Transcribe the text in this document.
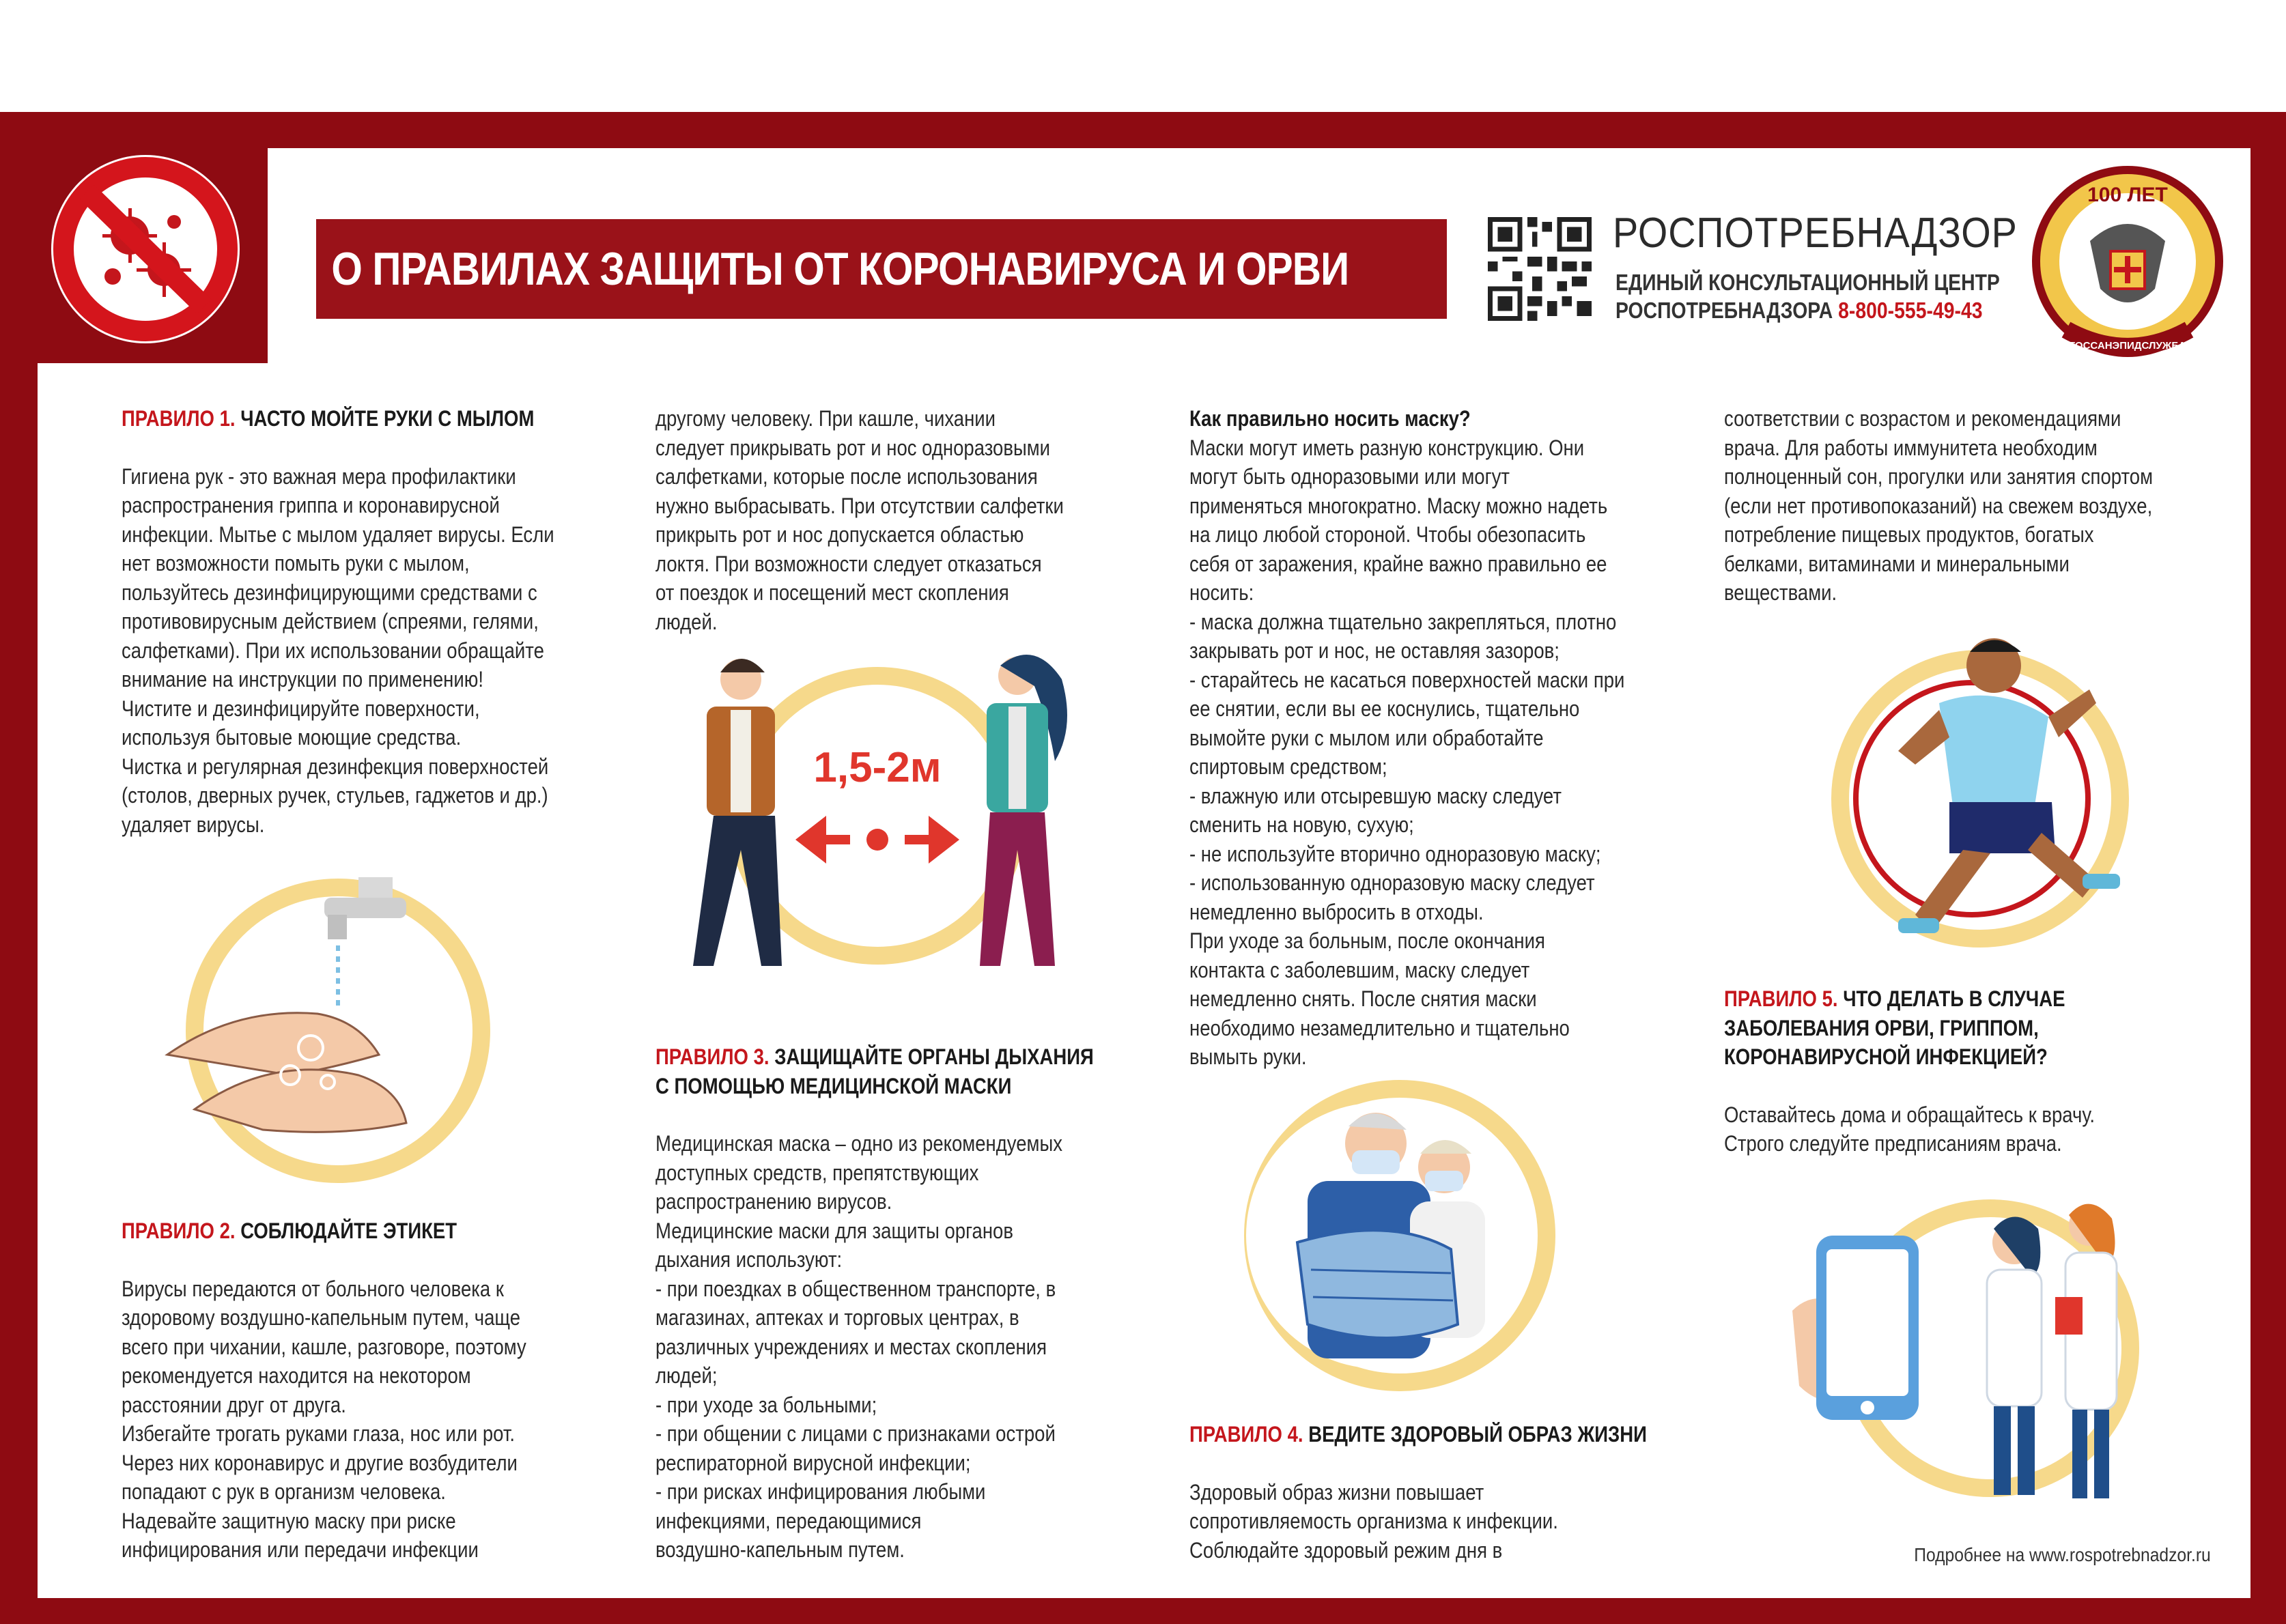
О ПРАВИЛАХ ЗАЩИТЫ ОТ КОРОНАВИРУСА И ОРВИ
РОСПОТРЕБНАДЗОР
ЕДИНЫЙ КОНСУЛЬТАЦИОННЫЙ ЦЕНТР
РОСПОТРЕБНАДЗОРА 8-800-555-49-43
100 ЛЕТ
ГОССАНЭПИДСЛУЖБА

ПРАВИЛО 1. ЧАСТО МОЙТЕ РУКИ С МЫЛОМ

Гигиена рук - это важная мера профилактики

распространения гриппа и коронавирусной

инфекции. Мытье с мылом удаляет вирусы. Если

нет возможности помыть руки с мылом,

пользуйтесь дезинфицирующими средствами с

противовирусным действием (спреями, гелями,

салфетками). При их использовании обращайте

внимание на инструкции по применению!

Чистите и дезинфицируйте поверхности,

используя бытовые моющие средства.

Чистка и регулярная дезинфекция поверхностей

(столов, дверных ручек, стульев, гаджетов и др.)

удаляет вирусы.

ПРАВИЛО 2. СОБЛЮДАЙТЕ ЭТИКЕТ

Вирусы передаются от больного человека к

здоровому воздушно-капельным путем, чаще

всего при чихании, кашле, разговоре, поэтому

рекомендуется находится на некотором

расстоянии друг от друга.

Избегайте трогать руками глаза, нос или рот.

Через них коронавирус и другие возбудители

попадают с рук в организм человека.

Надевайте защитную маску при риске

инфицирования или передачи инфекции

другому человеку. При кашле, чихании

следует прикрывать рот и нос одноразовыми

салфетками, которые после использования

нужно выбрасывать. При отсутствии салфетки

прикрыть рот и нос допускается областью

локтя. При возможности следует отказаться

от поездок и посещений мест скопления

людей.

1,5-2м

ПРАВИЛО 3. ЗАЩИЩАЙТЕ ОРГАНЫ ДЫХАНИЯ

С ПОМОЩЬЮ МЕДИЦИНСКОЙ МАСКИ

Медицинская маска – одно из рекомендуемых

доступных средств, препятствующих

распространению вирусов.

Медицинские маски для защиты органов

дыхания используют:

- при поездках в общественном транспорте, в

магазинах, аптеках и торговых центрах, в

различных учреждениях и местах скопления

людей;

- при уходе за больными;

- при общении с лицами с признаками острой

респираторной вирусной инфекции;

- при рисках инфицирования любыми

инфекциями, передающимися

воздушно-капельным путем.

Как правильно носить маску?

Маски могут иметь разную конструкцию. Они

могут быть одноразовыми или могут

применяться многократно. Маску можно надеть

на лицо любой стороной. Чтобы обезопасить

себя от заражения, крайне важно правильно ее

носить:

- маска должна тщательно закрепляться, плотно

закрывать рот и нос, не оставляя зазоров;

- старайтесь не касаться поверхностей маски при

ее снятии, если вы ее коснулись, тщательно

вымойте руки с мылом или обработайте

спиртовым средством;

- влажную или отсыревшую маску следует

сменить на новую, сухую;

- не используйте вторично одноразовую маску;

- использованную одноразовую маску следует

немедленно выбросить в отходы.

При уходе за больным, после окончания

контакта с заболевшим, маску следует

немедленно снять. После снятия маски

необходимо незамедлительно и тщательно

вымыть руки.

ПРАВИЛО 4. ВЕДИТЕ ЗДОРОВЫЙ ОБРАЗ ЖИЗНИ

Здоровый образ жизни повышает

сопротивляемость организма к инфекции.

Соблюдайте здоровый режим дня в

соответствии с возрастом и рекомендациями

врача. Для работы иммунитета необходим

полноценный сон, прогулки или занятия спортом

(если нет противопоказаний) на свежем воздухе,

потребление пищевых продуктов, богатых

белками, витаминами и минеральными

веществами.

ПРАВИЛО 5. ЧТО ДЕЛАТЬ В СЛУЧАЕ

ЗАБОЛЕВАНИЯ ОРВИ, ГРИППОМ,

КОРОНАВИРУСНОЙ ИНФЕКЦИЕЙ?

Оставайтесь дома и обращайтесь к врачу.

Строго следуйте предписаниям врача.

Подробнее на www.rospotrebnadzor.ru
